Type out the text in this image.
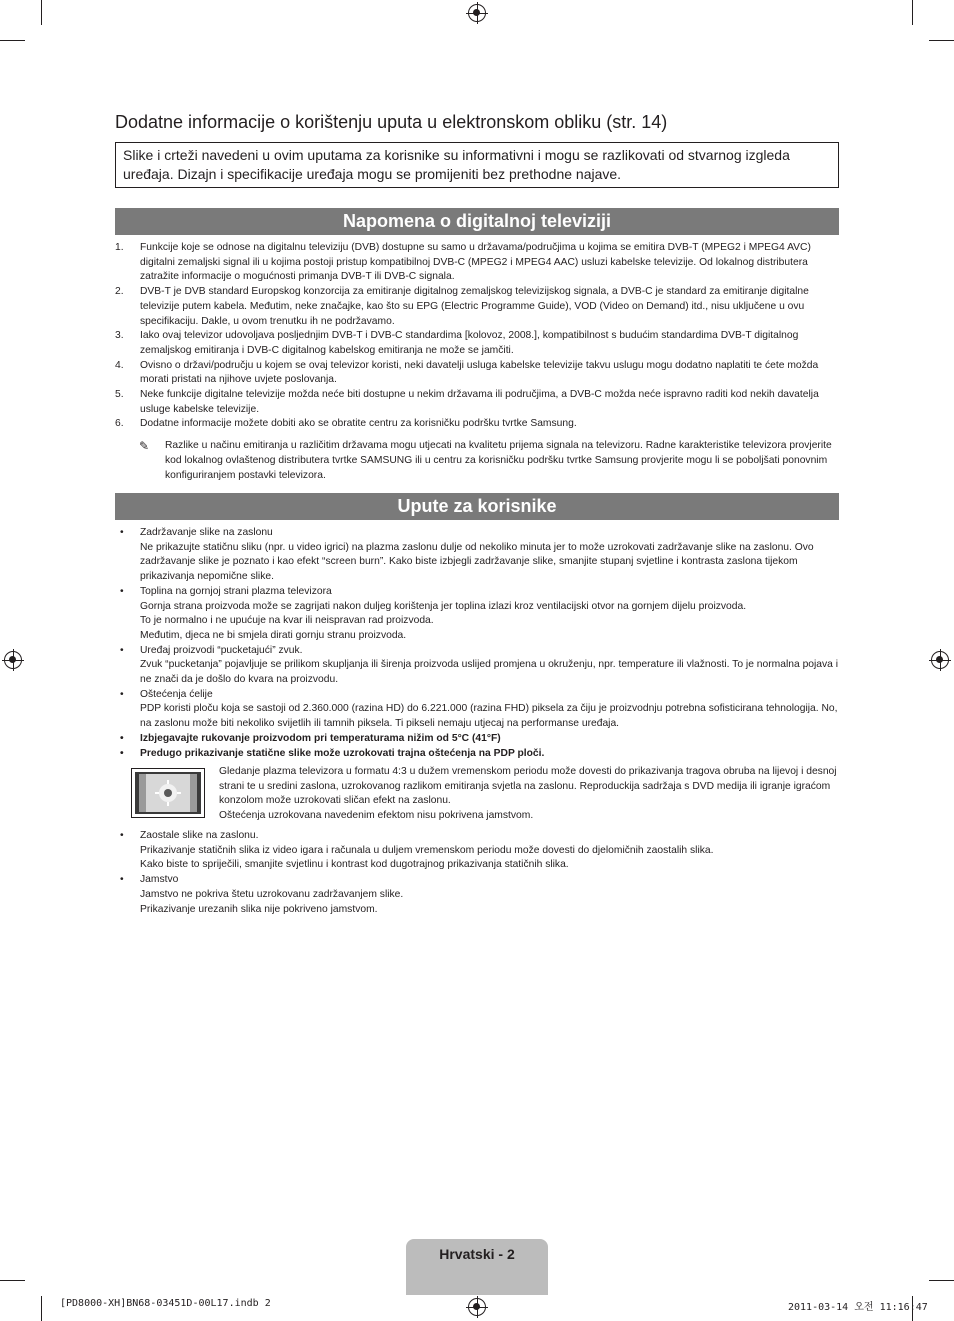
Dodatne informacije o korištenju uputa u elektronskom obliku (str. 14)
Slike i crteži navedeni u ovim uputama za korisnike su informativni i mogu se razlikovati od stvarnog izgleda uređaja. Dizajn i specifikacije uređaja mogu se promijeniti bez prethodne najave.
Napomena o digitalnoj televiziji
1. Funkcije koje se odnose na digitalnu televiziju (DVB) dostupne su samo u državama/područjima u kojima se emitira DVB-T (MPEG2 i MPEG4 AVC) digitalni zemaljski signal ili u kojima postoji pristup kompatibilnoj DVB-C (MPEG2 i MPEG4 AAC) usluzi kabelske televizije. Od lokalnog distributera zatražite informacije o mogućnosti primanja DVB-T ili DVB-C signala.
2. DVB-T je DVB standard Europskog konzorcija za emitiranje digitalnog zemaljskog televizijskog signala, a DVB-C je standard za emitiranje digitalne televizije putem kabela. Međutim, neke značajke, kao što su EPG (Electric Programme Guide), VOD (Video on Demand) itd., nisu uključene u ovu specifikaciju. Dakle, u ovom trenutku ih ne podržavamo.
3. Iako ovaj televizor udovoljava posljednjim DVB-T i DVB-C standardima [kolovoz, 2008.], kompatibilnost s budućim standardima DVB-T digitalnog zemaljskog emitiranja i DVB-C digitalnog kabelskog emitiranja ne može se jamčiti.
4. Ovisno o državi/području u kojem se ovaj televizor koristi, neki davatelji usluga kabelske televizije takvu uslugu mogu dodatno naplatiti te ćete možda morati pristati na njihove uvjete poslovanja.
5. Neke funkcije digitalne televizije možda neće biti dostupne u nekim državama ili područjima, a DVB-C možda neće ispravno raditi kod nekih davatelja usluge kabelske televizije.
6. Dodatne informacije možete dobiti ako se obratite centru za korisničku podršku tvrtke Samsung.
✎ Razlike u načinu emitiranja u različitim državama mogu utjecati na kvalitetu prijema signala na televizoru. Radne karakteristike televizora provjerite kod lokalnog ovlaštenog distributera tvrtke SAMSUNG ili u centru za korisničku podršku tvrtke Samsung provjerite mogu li se poboljšati ponovnim konfiguriranjem postavki televizora.
Upute za korisnike
• Zadržavanje slike na zaslonu
Ne prikazujte statičnu sliku (npr. u video igrici) na plazma zaslonu dulje od nekoliko minuta jer to može uzrokovati zadržavanje slike na zaslonu. Ovo zadržavanje slike je poznato i kao efekt “screen burn”. Kako biste izbjegli zadržavanje slike, smanjite stupanj svjetline i kontrasta zaslona tijekom prikazivanja nepomične slike.
• Toplina na gornjoj strani plazma televizora
Gornja strana proizvoda može se zagrijati nakon duljeg korištenja jer toplina izlazi kroz ventilacijski otvor na gornjem dijelu proizvoda.
To je normalno i ne upućuje na kvar ili neispravan rad proizvoda.
Međutim, djeca ne bi smjela dirati gornju stranu proizvoda.
• Uređaj proizvodi “pucketajući” zvuk.
Zvuk “pucketanja” pojavljuje se prilikom skupljanja ili širenja proizvoda uslijed promjena u okruženju, npr. temperature ili vlažnosti. To je normalna pojava i ne znači da je došlo do kvara na proizvodu.
• Oštećenja ćelije
PDP koristi ploču koja se sastoji od 2.360.000 (razina HD) do 6.221.000 (razina FHD) piksela za čiju je proizvodnju potrebna sofisticirana tehnologija. No, na zaslonu može biti nekoliko svijetlih ili tamnih piksela. Ti pikseli nemaju utjecaj na performanse uređaja.
• Izbjegavajte rukovanje proizvodom pri temperaturama nižim od 5°C (41°F)
• Predugo prikazivanje statične slike može uzrokovati trajna oštećenja na PDP ploči.
Gledanje plazma televizora u formatu 4:3 u dužem vremenskom periodu može dovesti do prikazivanja tragova obruba na lijevoj i desnoj strani te u sredini zaslona, uzrokovanog razlikom emitiranja svjetla na zaslonu. Reproduckija sadržaja s DVD medija ili igranje igraćom konzolom može uzrokovati sličan efekt na zaslonu.
Oštećenja uzrokovana navedenim efektom nisu pokrivena jamstvom.
• Zaostale slike na zaslonu.
Prikazivanje statičnih slika iz video igara i računala u duljem vremenskom periodu može dovesti do djelomičnih zaostalih slika.
Kako biste to spriječili, smanjite svjetlinu i kontrast kod dugotrajnog prikazivanja statičnih slika.
• Jamstvo
Jamstvo ne pokriva štetu uzrokovanu zadržavanjem slike.
Prikazivanje urezanih slika nije pokriveno jamstvom.
Hrvatski - 2
[PD8000-XH]BN68-03451D-00L17.indb 2	2011-03-14 오전 11:16:47
